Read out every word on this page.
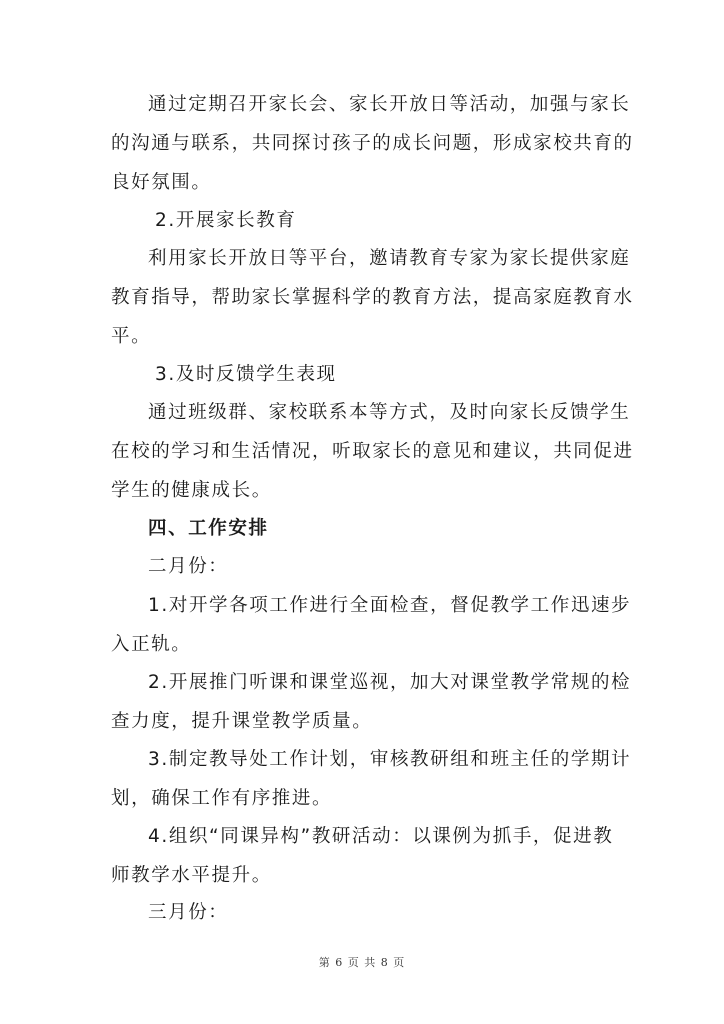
通过定期召开家长会、家长开放日等活动，加强与家长
的沟通与联系，共同探讨孩子的成长问题，形成家校共育的
良好氛围。
2.开展家长教育
利用家长开放日等平台，邀请教育专家为家长提供家庭
教育指导，帮助家长掌握科学的教育方法，提高家庭教育水
平。
3.及时反馈学生表现
通过班级群、家校联系本等方式，及时向家长反馈学生
在校的学习和生活情况，听取家长的意见和建议，共同促进
学生的健康成长。
四、工作安排
二月份：
1.对开学各项工作进行全面检查，督促教学工作迅速步
入正轨。
2.开展推门听课和课堂巡视，加大对课堂教学常规的检
查力度，提升课堂教学质量。
3.制定教导处工作计划，审核教研组和班主任的学期计
划，确保工作有序推进。
4.组织“同课异构”教研活动：以课例为抓手，促进教
师教学水平提升。
三月份：
第 6 页 共 8 页
